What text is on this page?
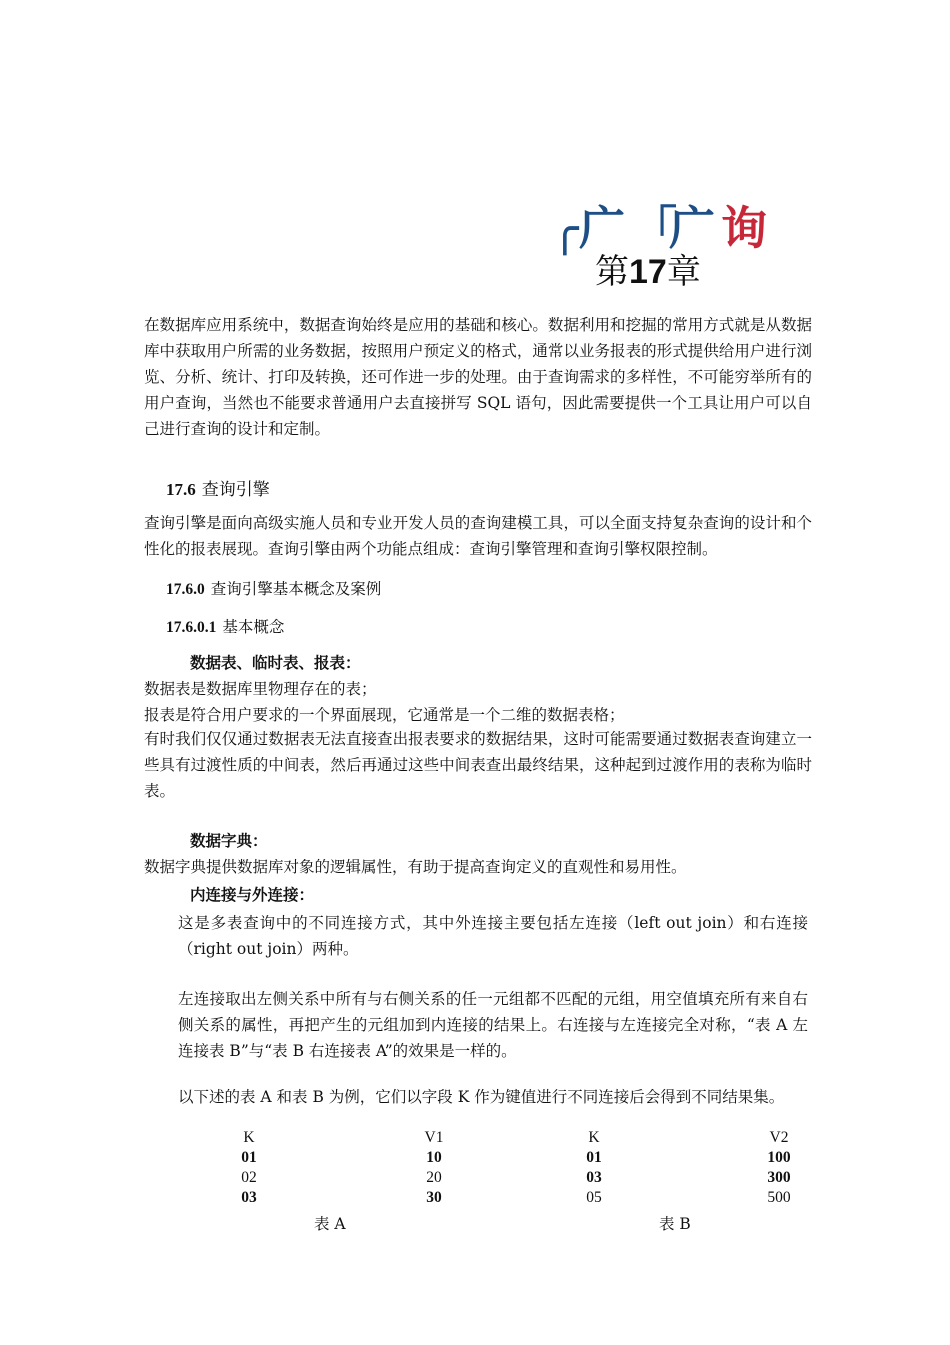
╭ 广 「
广 询
第17章

在数据库应用系统中，数据查询始终是应用的基础和核心。数据利用和挖掘的常用方式就是从数据库中获取用户所需的业务数据，按照用户预定义的格式，通常以业务报表的形式提供给用户进行浏览、分析、统计、打印及转换，还可作进一步的处理。由于查询需求的多样性，不可能穷举所有的用户查询，当然也不能要求普通用户去直接拼写 SQL 语句，因此需要提供一个工具让用户可以自己进行查询的设计和定制。

17.6 查询引擎

查询引擎是面向高级实施人员和专业开发人员的查询建模工具，可以全面支持复杂查询的设计和个性化的报表展现。查询引擎由两个功能点组成：查询引擎管理和查询引擎权限控制。

17.6.0 查询引擎基本概念及案例

17.6.0.1 基本概念

数据表、临时表、报表：

数据表是数据库里物理存在的表；

报表是符合用户要求的一个界面展现，它通常是一个二维的数据表格；

有时我们仅仅通过数据表无法直接查出报表要求的数据结果，这时可能需要通过数据表查询建立一些具有过渡性质的中间表，然后再通过这些中间表查出最终结果，这种起到过渡作用的表称为临时表。

数据字典：

数据字典提供数据库对象的逻辑属性，有助于提高查询定义的直观性和易用性。

内连接与外连接：

这是多表查询中的不同连接方式，其中外连接主要包括左连接（left out join）和右连接（right out join）两种。

左连接取出左侧关系中所有与右侧关系的任一元组都不匹配的元组，用空值填充所有来自右侧关系的属性，再把产生的元组加到内连接的结果上。右连接与左连接完全对称，“表 A 左连接表 B”与“表 B 右连接表 A”的效果是一样的。

以下述的表 A 和表 B 为例，它们以字段 K 作为键值进行不同连接后会得到不同结果集。

K	V1
01	10
02	20
03	30
表 A
K	V2
01	100
03	300
05	500
表 B
